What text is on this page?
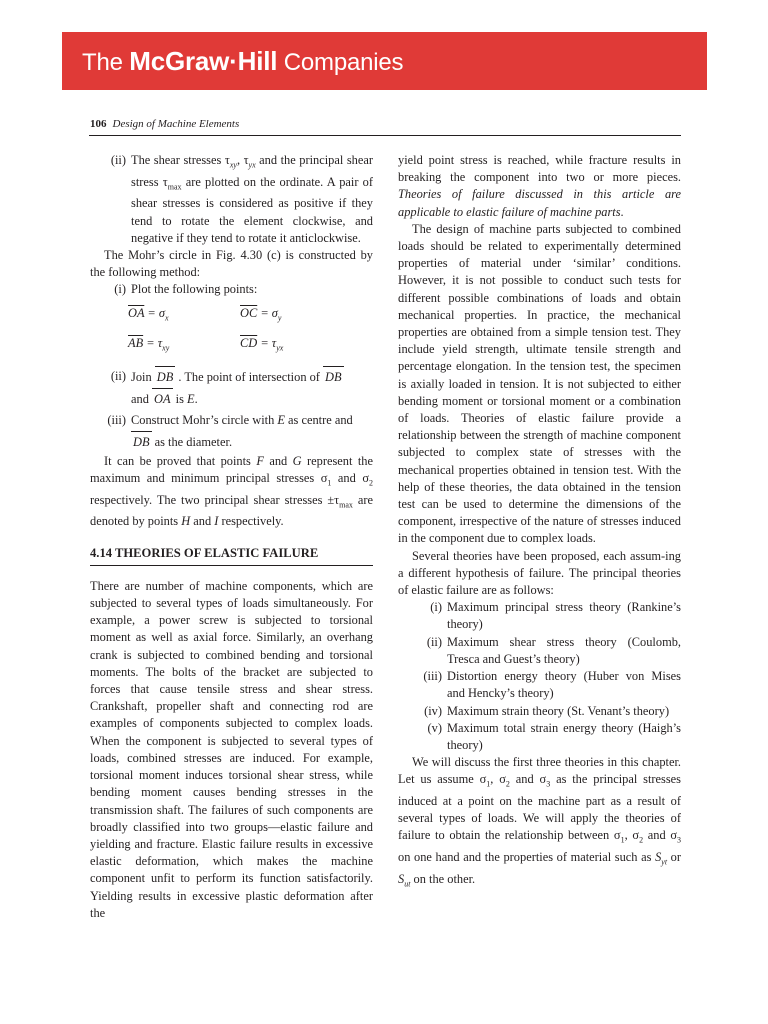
The McGraw·Hill Companies
106 Design of Machine Elements
(ii) The shear stresses $\tau_{xy}$, $\tau_{yx}$ and the principal shear stress $\tau_{max}$ are plotted on the ordinate. A pair of shear stresses is considered as positive if they tend to rotate the element clockwise, and negative if they tend to rotate it anticlockwise.

The Mohr’s circle in Fig. 4.30 (c) is constructed by the following method:

(i) Plot the following points:
$\overline{OA} = \sigma_x$	$\overline{OC} = \sigma_y$
$\overline{AB} = \tau_{xy}$	$\overline{CD} = \tau_{yx}$
(ii) Join DB . The point of intersection of DB
and OA is E.
(iii) Construct Mohr’s circle with E as centre and
DB as the diameter.

It can be proved that points F and G represent the maximum and minimum principal stresses $\sigma_1$ and $\sigma_2$ respectively. The two principal shear stresses $\pm\tau_{max}$ are denoted by points H and I respectively.

4.14 THEORIES OF ELASTIC FAILURE

There are number of machine components, which are subjected to several types of loads simultaneously. For example, a power screw is subjected to torsional moment as well as axial force. Similarly, an overhang crank is subjected to combined bending and torsional moments. The bolts of the bracket are subjected to forces that cause tensile stress and shear stress. Crankshaft, propeller shaft and connecting rod are examples of components subjected to complex loads. When the component is subjected to several types of loads, combined stresses are induced. For example, torsional moment induces torsional shear stress, while bending moment causes bending stresses in the transmission shaft. The failures of such components are broadly classified into two groups—elastic failure and yielding and fracture. Elastic failure results in excessive elastic deformation, which makes the machine component unfit to perform its function satisfactorily. Yielding results in excessive plastic deformation after the

yield point stress is reached, while fracture results in breaking the component into two or more pieces. Theories of failure discussed in this article are applicable to elastic failure of machine parts.

The design of machine parts subjected to combined loads should be related to experimentally determined properties of material under ‘similar’ conditions. However, it is not possible to conduct such tests for different possible combinations of loads and obtain mechanical properties. In practice, the mechanical properties are obtained from a simple tension test. They include yield strength, ultimate tensile strength and percentage elongation. In the tension test, the specimen is axially loaded in tension. It is not subjected to either bending moment or torsional moment or a combination of loads. Theories of elastic failure provide a relationship between the strength of machine component subjected to complex state of stresses with the mechanical properties obtained in tension test. With the help of these theories, the data obtained in the tension test can be used to determine the dimensions of the component, irrespective of the nature of stresses induced in the component due to complex loads.

Several theories have been proposed, each assum-ing a different hypothesis of failure. The principal theories of elastic failure are as follows:

(i) Maximum principal stress theory (Rankine’s theory)
(ii) Maximum shear stress theory (Coulomb, Tresca and Guest’s theory)
(iii) Distortion energy theory (Huber von Mises and Hencky’s theory)
(iv) Maximum strain theory (St. Venant’s theory)
(v) Maximum total strain energy theory (Haigh’s theory)

We will discuss the first three theories in this chapter. Let us assume $\sigma_1$, $\sigma_2$ and $\sigma_3$ as the principal stresses induced at a point on the machine part as a result of several types of loads. We will apply the theories of failure to obtain the relationship between $\sigma_1$, $\sigma_2$ and $\sigma_3$ on one hand and the properties of material such as $S_{yt}$ or $S_{ut}$ on the other.
